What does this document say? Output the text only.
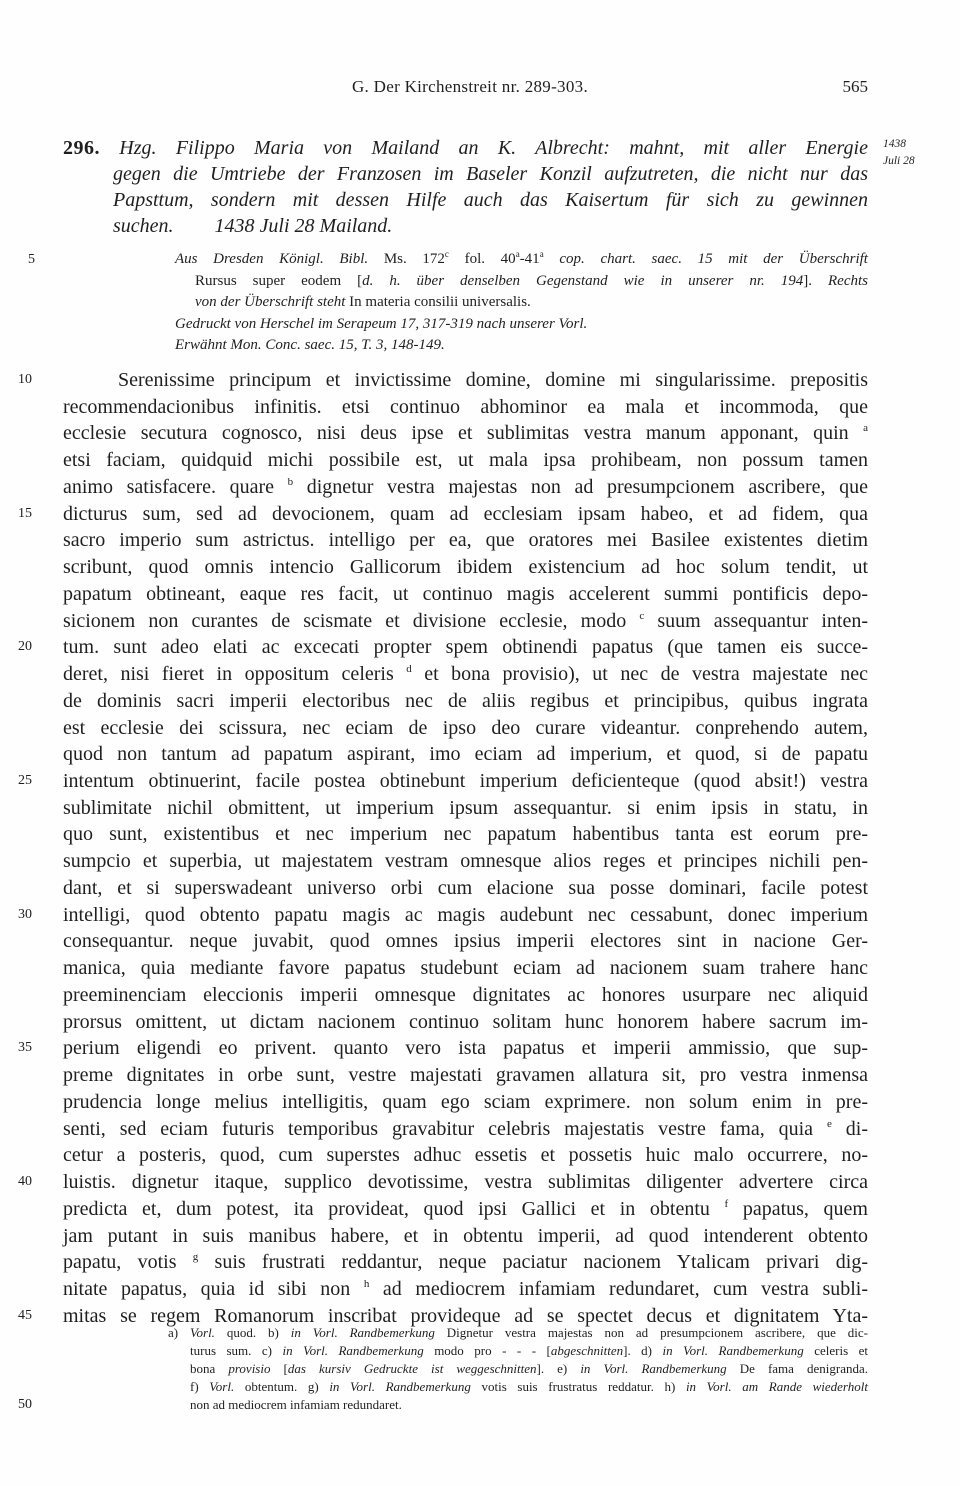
G. Der Kirchenstreit nr. 289-303.	565
296. Hzg. Filippo Maria von Mailand an K. Albrecht: mahnt, mit aller Energie
gegen die Umtriebe der Franzosen im Baseler Konzil aufzutreten, die nicht nur das
Papsttum, sondern mit dessen Hilfe auch das Kaisertum für sich zu gewinnen
suchen. 1438 Juli 28 Mailand.
1438
Juli 28
5	Aus Dresden Königl. Bibl. Ms. 172$^c$ fol. 40$^a$-41$^a$ cop. chart. saec. 15 mit der Überschrift
Rursus super eodem [d. h. über denselben Gegenstand wie in unserer nr. 194]. Rechts
von der Überschrift steht In materia consilii universalis.
Gedruckt von Herschel im Serapeum 17, 317-319 nach unserer Vorl.
Erwähnt Mon. Conc. saec. 15, T. 3, 148-149.
10	Serenissime principum et invictissime domine, domine mi singularissime. prepositis
recommendacionibus infinitis. etsi continuo abhominor ea mala et incommoda, que
ecclesie secutura cognosco, nisi deus ipse et sublimitas vestra manum apponant, quin $^a$
etsi faciam, quidquid michi possibile est, ut mala ipsa prohibeam, non possum tamen
animo satisfacere. quare $^b$ dignetur vestra majestas non ad presumpcionem ascribere, que
15 dicturus sum, sed ad devocionem, quam ad ecclesiam ipsam habeo, et ad fidem, qua
sacro imperio sum astrictus. intelligo per ea, que oratores mei Basilee existentes dietim
scribunt, quod omnis intencio Gallicorum ibidem existencium ad hoc solum tendit, ut
papatum obtineant, eaque res facit, ut continuo magis accelerent summi pontificis depo-
sicionem non curantes de scismate et divisione ecclesie, modo $^c$ suum assequantur inten-
20 tum. sunt adeo elati ac excecati propter spem obtinendi papatus (que tamen eis succe-
deret, nisi fieret in oppositum celeris $^d$ et bona provisio), ut nec de vestra majestate nec
de dominis sacri imperii electoribus nec de aliis regibus et principibus, quibus ingrata
est ecclesie dei scissura, nec eciam de ipso deo curare videantur. conprehendo autem,
quod non tantum ad papatum aspirant, imo eciam ad imperium, et quod, si de papatu
25 intentum obtinuerint, facile postea obtinebunt imperium deficienteque (quod absit!) vestra
sublimitate nichil obmittent, ut imperium ipsum assequantur. si enim ipsis in statu, in
quo sunt, existentibus et nec imperium nec papatum habentibus tanta est eorum pre-
sumpcio et superbia, ut majestatem vestram omnesque alios reges et principes nichili pen-
dant, et si superswadeant universo orbi cum elacione sua posse dominari, facile potest
30 intelligi, quod obtento papatu magis ac magis audebunt nec cessabunt, donec imperium
consequantur. neque juvabit, quod omnes ipsius imperii electores sint in nacione Ger-
manica, quia mediante favore papatus studebunt eciam ad nacionem suam trahere hanc
preeminenciam eleccionis imperii omnesque dignitates ac honores usurpare nec aliquid
prorsus omittent, ut dictam nacionem continuo solitam hunc honorem habere sacrum im-
35 perium eligendi eo privent. quanto vero ista papatus et imperii ammissio, que sup-
preme dignitates in orbe sunt, vestre majestati gravamen allatura sit, pro vestra inmensa
prudencia longe melius intelligitis, quam ego sciam exprimere. non solum enim in pre-
senti, sed eciam futuris temporibus gravabitur celebris majestatis vestre fama, quia $^e$ di-
cetur a posteris, quod, cum superstes adhuc essetis et possetis huic malo occurrere, no-
40 luistis. dignetur itaque, supplico devotissime, vestra sublimitas diligenter advertere circa
predicta et, dum potest, ita provideat, quod ipsi Gallici et in obtentu $^f$ papatus, quem
jam putant in suis manibus habere, et in obtentu imperii, ad quod intenderent obtento
papatu, votis $^g$ suis frustrati reddantur, neque paciatur nacionem Ytalicam privari dig-
nitate papatus, quia id sibi non $^h$ ad mediocrem infamiam redundaret, cum vestra subli-
45 mitas se regem Romanorum inscribat provideque ad se spectet decus et dignitatem Yta-
50
a) Vorl. quod. b) in Vorl. Randbemerkung Dignetur vestra majestas non ad presumpcionem ascribere, que dic-
turus sum. c) in Vorl. Randbemerkung modo pro - - - [abgeschnitten]. d) in Vorl. Randbemerkung celeris et
bona provisio [das kursiv Gedruckte ist weggeschnitten]. e) in Vorl. Randbemerkung De fama denigranda.
f) Vorl. obtentum. g) in Vorl. Randbemerkung votis suis frustratus reddatur. h) in Vorl. am Rande wiederholt
non ad mediocrem infamiam redundaret.
